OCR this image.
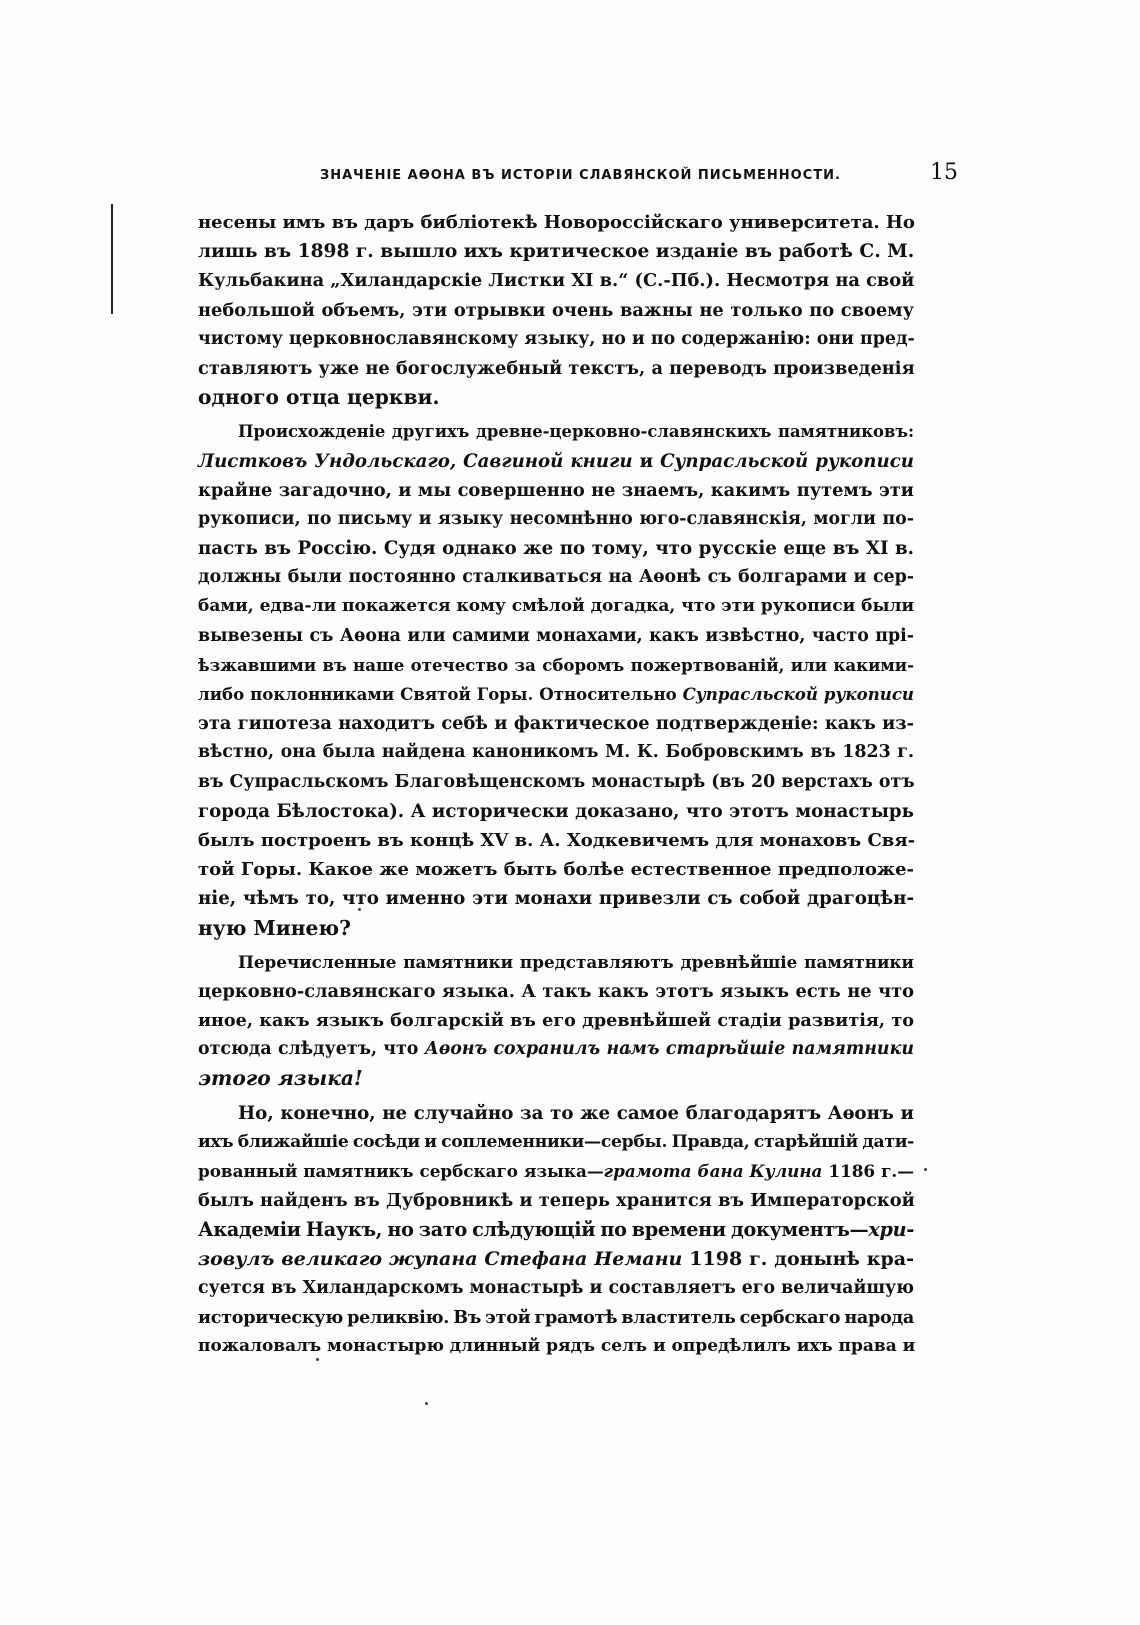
ЗНАЧЕНІЕ АѲОНА ВЪ ИСТОРІИ СЛАВЯНСКОЙ ПИСЬМЕННОСТИ.	15
несены имъ въ даръ библіотекѣ Новороссійскаго университета. Но
лишь въ 1898 г. вышло ихъ критическое изданіе въ работѣ С. М.
Кульбакина „Хиландарскіе Листки XI в.“ (С.-Пб.). Несмотря на свой
небольшой объемъ, эти отрывки очень важны не только по своему
чистому церковнославянскому языку, но и по содержанію: они пред-
ставляютъ уже не богослужебный текстъ, а переводъ произведенія
одного отца церкви.
Происхожденіе другихъ древне-церковно-славянскихъ памятниковъ:
Листковъ Ундольскаго, Савгиной книги и Супрасльской рукописи
крайне загадочно, и мы совершенно не знаемъ, какимъ путемъ эти
рукописи, по письму и языку несомнѣнно юго-славянскія, могли по-
пасть въ Россію. Судя однако же по тому, что русскіе еще въ XI в.
должны были постоянно сталкиваться на Аѳонѣ съ болгарами и сер-
бами, едва-ли покажется кому смѣлой догадка, что эти рукописи были
вывезены съ Аѳона или самими монахами, какъ извѣстно, часто прі-
ѣзжавшими въ наше отечество за сборомъ пожертвованій, или какими-
либо поклонниками Святой Горы. Относительно Супрасльской рукописи
эта гипотеза находитъ себѣ и фактическое подтвержденіе: какъ из-
вѣстно, она была найдена каноникомъ М. К. Бобровскимъ въ 1823 г.
въ Супрасльскомъ Благовѣщенскомъ монастырѣ (въ 20 верстахъ отъ
города Бѣлостока). А исторически доказано, что этотъ монастырь
былъ построенъ въ концѣ XV в. А. Ходкевичемъ для монаховъ Свя-
той Горы. Какое же можетъ быть болѣе естественное предположе-
ніе, чѣмъ то, что именно эти монахи привезли съ собой драгоцѣн-
ную Минею?
Перечисленные памятники представляютъ древнѣйшіе памятники
церковно-славянскаго языка. А такъ какъ этотъ языкъ есть не что
иное, какъ языкъ болгарскій въ его древнѣйшей стадіи развитія, то
отсюда слѣдуетъ, что Аѳонъ сохранилъ намъ старѣйшіе памятники
этого языка!
Но, конечно, не случайно за то же самое благодарятъ Аѳонъ и
ихъ ближайшіе сосѣди и соплеменники—сербы. Правда, старѣйшій дати-
рованный памятникъ сербскаго языка—грамота бана Кулина 1186 г.—
былъ найденъ въ Дубровникѣ и теперь хранится въ Императорской
Академіи Наукъ, но зато слѣдующій по времени документъ—хри-
зовулъ великаго жупана Стефана Немани 1198 г. донынѣ кра-
суется въ Хиландарскомъ монастырѣ и составляетъ его величайшую
историческую реликвію. Въ этой грамотѣ властитель сербскаго народа
пожаловалъ монастырю длинный рядъ селъ и опредѣлилъ ихъ права и
